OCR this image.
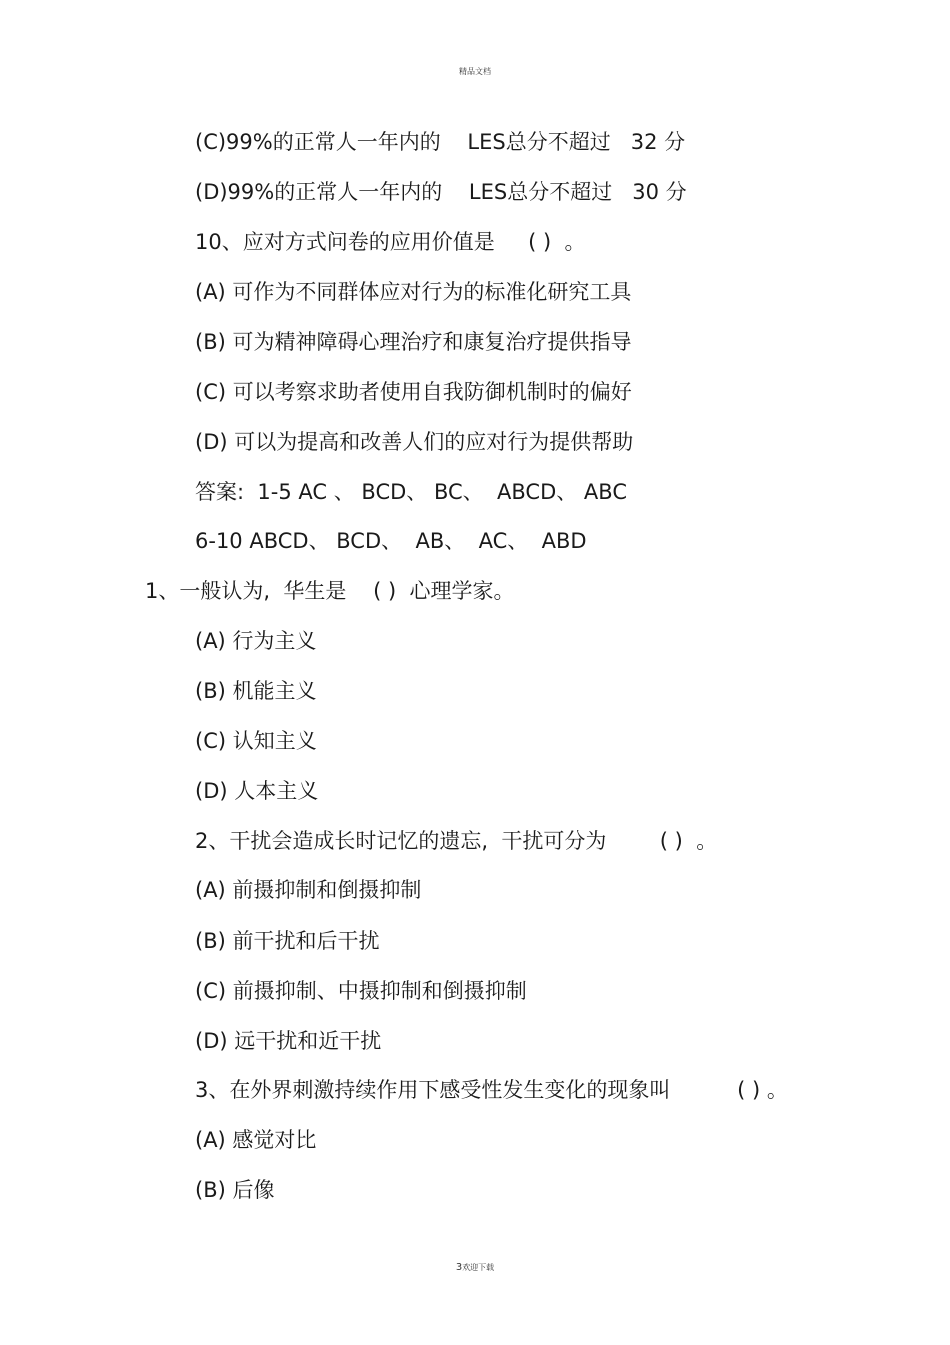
精品文档
(C)99%的正常人一年内的    LES总分不超过   32 分
(D)99%的正常人一年内的    LES总分不超过   30 分
10、应对方式问卷的应用价值是     ( )  。
(A) 可作为不同群体应对行为的标准化研究工具
(B) 可为精神障碍心理治疗和康复治疗提供指导
(C) 可以考察求助者使用自我防御机制时的偏好
(D) 可以为提高和改善人们的应对行为提供帮助
答案:  1-5 AC 、 BCD、 BC、  ABCD、 ABC
6-10 ABCD、 BCD、  AB、  AC、  ABD
1、一般认为,  华生是    ( )  心理学家。
(A) 行为主义
(B) 机能主义
(C) 认知主义
(D) 人本主义
2、干扰会造成长时记忆的遗忘,  干扰可分为        ( )  。
(A) 前摄抑制和倒摄抑制
(B) 前干扰和后干扰
(C) 前摄抑制、中摄抑制和倒摄抑制
(D) 远干扰和近干扰
3、在外界刺激持续作用下感受性发生变化的现象叫          ( ) 。
(A) 感觉对比
(B) 后像
3欢迎下载
